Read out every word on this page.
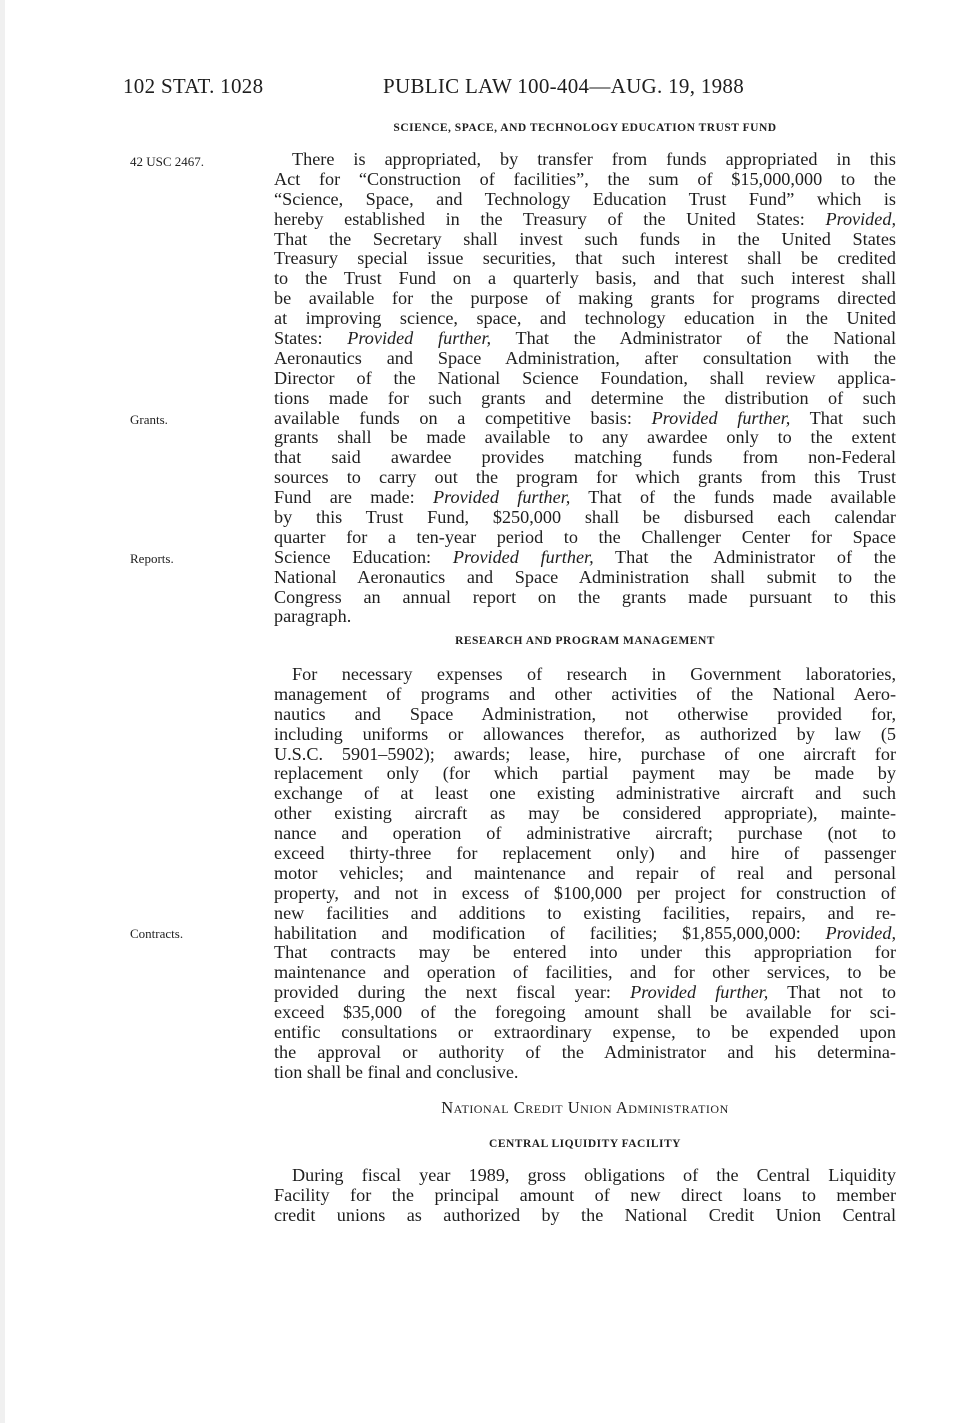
102 STAT. 1028	PUBLIC LAW 100-404—AUG. 19, 1988
SCIENCE, SPACE, AND TECHNOLOGY EDUCATION TRUST FUND
42 USC 2467.
Grants.
Reports.
Contracts.
There is appropriated, by transfer from funds appropriated in this
Act for “Construction of facilities”, the sum of $15,000,000 to the
“Science, Space, and Technology Education Trust Fund” which is
hereby established in the Treasury of the United States: Provided,
That the Secretary shall invest such funds in the United States
Treasury special issue securities, that such interest shall be credited
to the Trust Fund on a quarterly basis, and that such interest shall
be available for the purpose of making grants for programs directed
at improving science, space, and technology education in the United
States: Provided further, That the Administrator of the National
Aeronautics and Space Administration, after consultation with the
Director of the National Science Foundation, shall review applica-
tions made for such grants and determine the distribution of such
available funds on a competitive basis: Provided further, That such
grants shall be made available to any awardee only to the extent
that said awardee provides matching funds from non-Federal
sources to carry out the program for which grants from this Trust
Fund are made: Provided further, That of the funds made available
by this Trust Fund, $250,000 shall be disbursed each calendar
quarter for a ten-year period to the Challenger Center for Space
Science Education: Provided further, That the Administrator of the
National Aeronautics and Space Administration shall submit to the
Congress an annual report on the grants made pursuant to this
paragraph.
RESEARCH AND PROGRAM MANAGEMENT
For necessary expenses of research in Government laboratories,
management of programs and other activities of the National Aero-
nautics and Space Administration, not otherwise provided for,
including uniforms or allowances therefor, as authorized by law (5
U.S.C. 5901–5902); awards; lease, hire, purchase of one aircraft for
replacement only (for which partial payment may be made by
exchange of at least one existing administrative aircraft and such
other existing aircraft as may be considered appropriate), mainte-
nance and operation of administrative aircraft; purchase (not to
exceed thirty-three for replacement only) and hire of passenger
motor vehicles; and maintenance and repair of real and personal
property, and not in excess of $100,000 per project for construction of
new facilities and additions to existing facilities, repairs, and re-
habilitation and modification of facilities; $1,855,000,000: Provided,
That contracts may be entered into under this appropriation for
maintenance and operation of facilities, and for other services, to be
provided during the next fiscal year: Provided further, That not to
exceed $35,000 of the foregoing amount shall be available for sci-
entific consultations or extraordinary expense, to be expended upon
the approval or authority of the Administrator and his determina-
tion shall be final and conclusive.
National Credit Union Administration
CENTRAL LIQUIDITY FACILITY
During fiscal year 1989, gross obligations of the Central Liquidity
Facility for the principal amount of new direct loans to member
credit unions as authorized by the National Credit Union Central
